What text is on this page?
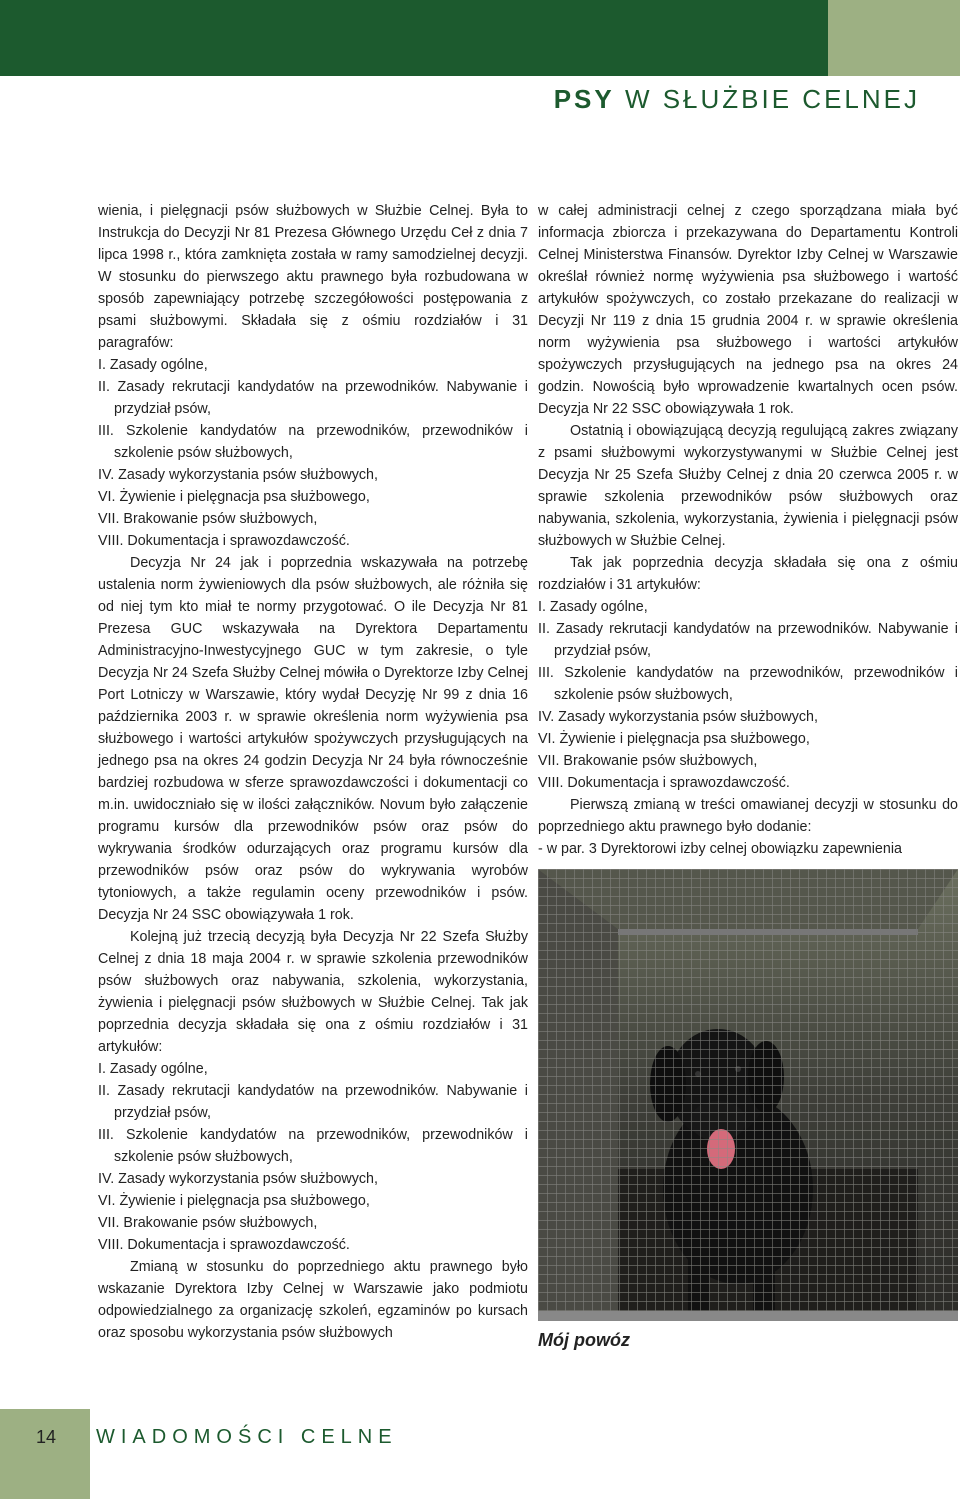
PSY W SŁUŻBIE CELNEJ

wienia, i pielęgnacji psów służbowych w Służbie Celnej. Była to Instrukcja do Decyzji Nr 81 Prezesa Głównego Urzędu Ceł z dnia 7 lipca 1998 r., która zamknięta została w ramy samodzielnej decyzji. W stosunku do pierwszego aktu prawnego była rozbudowana w sposób zapewniający potrzebę szczegółowości postępowania z psami służbowymi. Składała się z ośmiu rozdziałów i 31 paragrafów:

I. Zasady ogólne,
II. Zasady rekrutacji kandydatów na przewodników. Nabywanie i przydział psów,
III. Szkolenie kandydatów na przewodników, przewodników i szkolenie psów służbowych,
IV. Zasady wykorzystania psów służbowych,
VI. Żywienie i pielęgnacja psa służbowego,
VII. Brakowanie psów służbowych,
VIII. Dokumentacja i sprawozdawczość.

Decyzja Nr 24 jak i poprzednia wskazywała na potrzebę ustalenia norm żywieniowych dla psów służbowych, ale różniła się od niej tym kto miał te normy przygotować. O ile Decyzja Nr 81 Prezesa GUC wskazywała na Dyrektora Departamentu Administracyjno-Inwestycyjnego GUC w tym zakresie, o tyle Decyzja Nr 24 Szefa Służby Celnej mówiła o Dyrektorze Izby Celnej Port Lotniczy w Warszawie, który wydał Decyzję Nr 99 z dnia 16 października 2003 r. w sprawie określenia norm wyżywienia psa służbowego i wartości artykułów spożywczych przysługujących na jednego psa na okres 24 godzin Decyzja Nr 24 była równocześnie bardziej rozbudowa w sferze sprawozdawczości i dokumentacji co m.in. uwidoczniało się w ilości załączników. Novum było załączenie programu kursów dla przewodników psów oraz psów do wykrywania środków odurzających oraz programu kursów dla przewodników psów oraz psów do wykrywania wyrobów tytoniowych, a także regulamin oceny przewodników i psów. Decyzja Nr 24 SSC obowiązywała 1 rok.

Kolejną już trzecią decyzją była Decyzja Nr 22 Szefa Służby Celnej z dnia 18 maja 2004 r. w sprawie szkolenia przewodników psów służbowych oraz nabywania, szkolenia, wykorzystania, żywienia i pielęgnacji psów służbowych w Służbie Celnej. Tak jak poprzednia decyzja składała się ona z ośmiu rozdziałów i 31 artykułów:

I. Zasady ogólne,
II. Zasady rekrutacji kandydatów na przewodników. Nabywanie i przydział psów,
III. Szkolenie kandydatów na przewodników, przewodników i szkolenie psów służbowych,
IV. Zasady wykorzystania psów służbowych,
VI. Żywienie i pielęgnacja psa służbowego,
VII. Brakowanie psów służbowych,
VIII. Dokumentacja i sprawozdawczość.

Zmianą w stosunku do poprzedniego aktu prawnego było wskazanie Dyrektora Izby Celnej w Warszawie jako podmiotu odpowiedzialnego za organizację szkoleń, egzaminów po kursach oraz sposobu wykorzystania psów służbowych

w całej administracji celnej z czego sporządzana miała być informacja zbiorcza i przekazywana do Departamentu Kontroli Celnej Ministerstwa Finansów. Dyrektor Izby Celnej w Warszawie określał również normę wyżywienia psa służbowego i wartość artykułów spożywczych, co zostało przekazane do realizacji w Decyzji Nr 119 z dnia 15 grudnia 2004 r. w sprawie określenia norm wyżywienia psa służbowego i wartości artykułów spożywczych przysługujących na jednego psa na okres 24 godzin. Nowością było wprowadzenie kwartalnych ocen psów. Decyzja Nr 22 SSC obowiązywała 1 rok.

Ostatnią i obowiązującą decyzją regulującą zakres związany z psami służbowymi wykorzystywanymi w Służbie Celnej jest Decyzja Nr 25 Szefa Służby Celnej z dnia 20 czerwca 2005 r. w sprawie szkolenia przewodników psów służbowych oraz nabywania, szkolenia, wykorzystania, żywienia i pielęgnacji psów służbowych w Służbie Celnej.

Tak jak poprzednia decyzja składała się ona z ośmiu rozdziałów i 31 artykułów:

I. Zasady ogólne,
II. Zasady rekrutacji kandydatów na przewodników. Nabywanie i przydział psów,
III. Szkolenie kandydatów na przewodników, przewodników i szkolenie psów służbowych,
IV. Zasady wykorzystania psów służbowych,
VI. Żywienie i pielęgnacja psa służbowego,
VII. Brakowanie psów służbowych,
VIII. Dokumentacja i sprawozdawczość.

Pierwszą zmianą w treści omawianej decyzji w stosunku do poprzedniego aktu prawnego było dodanie:

- w par. 3 Dyrektorowi izby celnej obowiązku zapewnienia

Mój powóz
14 WIADOMOŚCI CELNE
